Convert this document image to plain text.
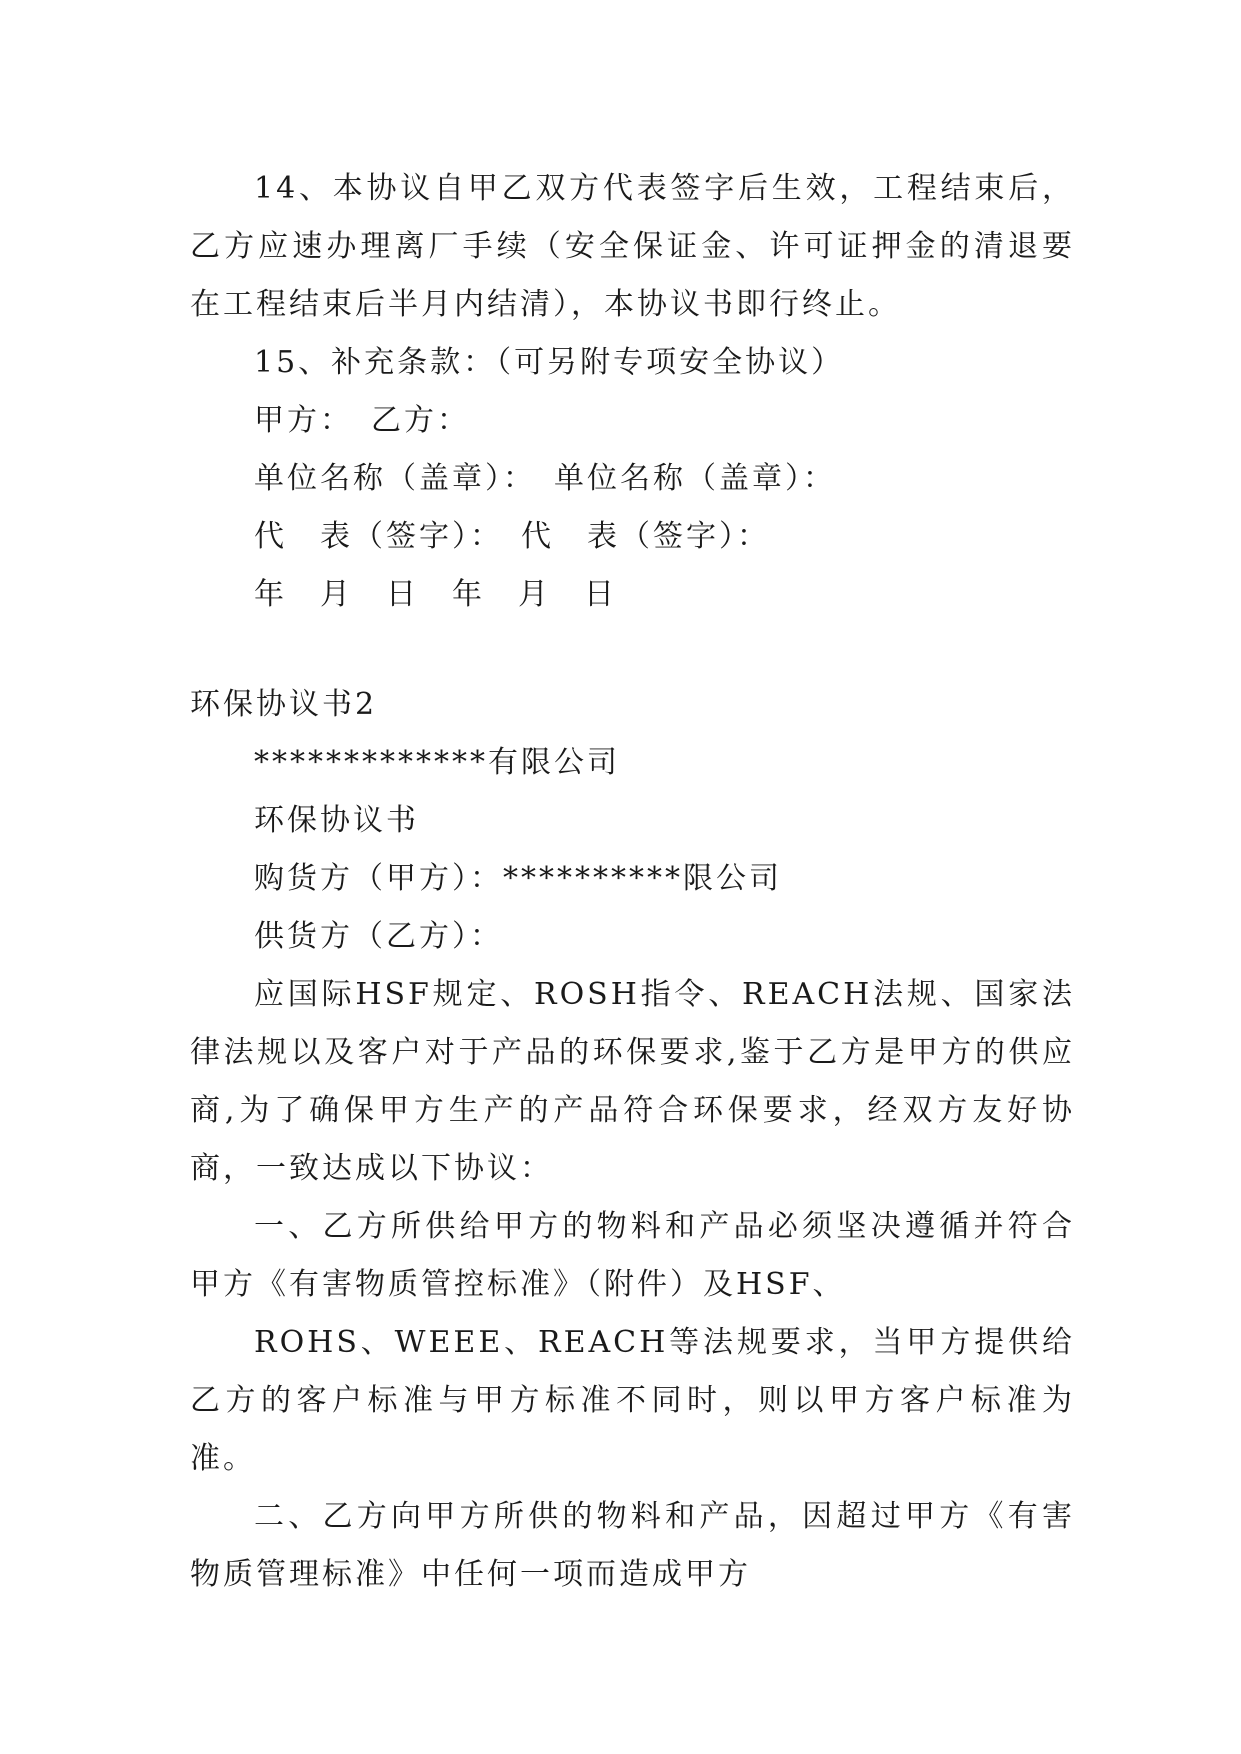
14、本协议自甲乙双方代表签字后生效，工程结束后，乙方应速办理离厂手续（安全保证金、许可证押金的清退要在工程结束后半月内结清），本协议书即行终止。

15、补充条款：（可另附专项安全协议）

甲方：　乙方：

单位名称（盖章）：　单位名称（盖章）：

代　表（签字）：　代　表（签字）：

年　月　日　年　月　日

环保协议书2

*************有限公司

环保协议书

购货方（甲方）：**********限公司

供货方（乙方）：

应国际HSF规定、ROSH指令、REACH法规、国家法律法规以及客户对于产品的环保要求,鉴于乙方是甲方的供应商,为了确保甲方生产的产品符合环保要求，经双方友好协商，一致达成以下协议：

一、乙方所供给甲方的物料和产品必须坚决遵循并符合甲方《有害物质管控标准》（附件）及HSF、

ROHS、WEEE、REACH等法规要求，当甲方提供给乙方的客户标准与甲方标准不同时，则以甲方客户标准为准。

二、乙方向甲方所供的物料和产品，因超过甲方《有害物质管理标准》中任何一项而造成甲方
